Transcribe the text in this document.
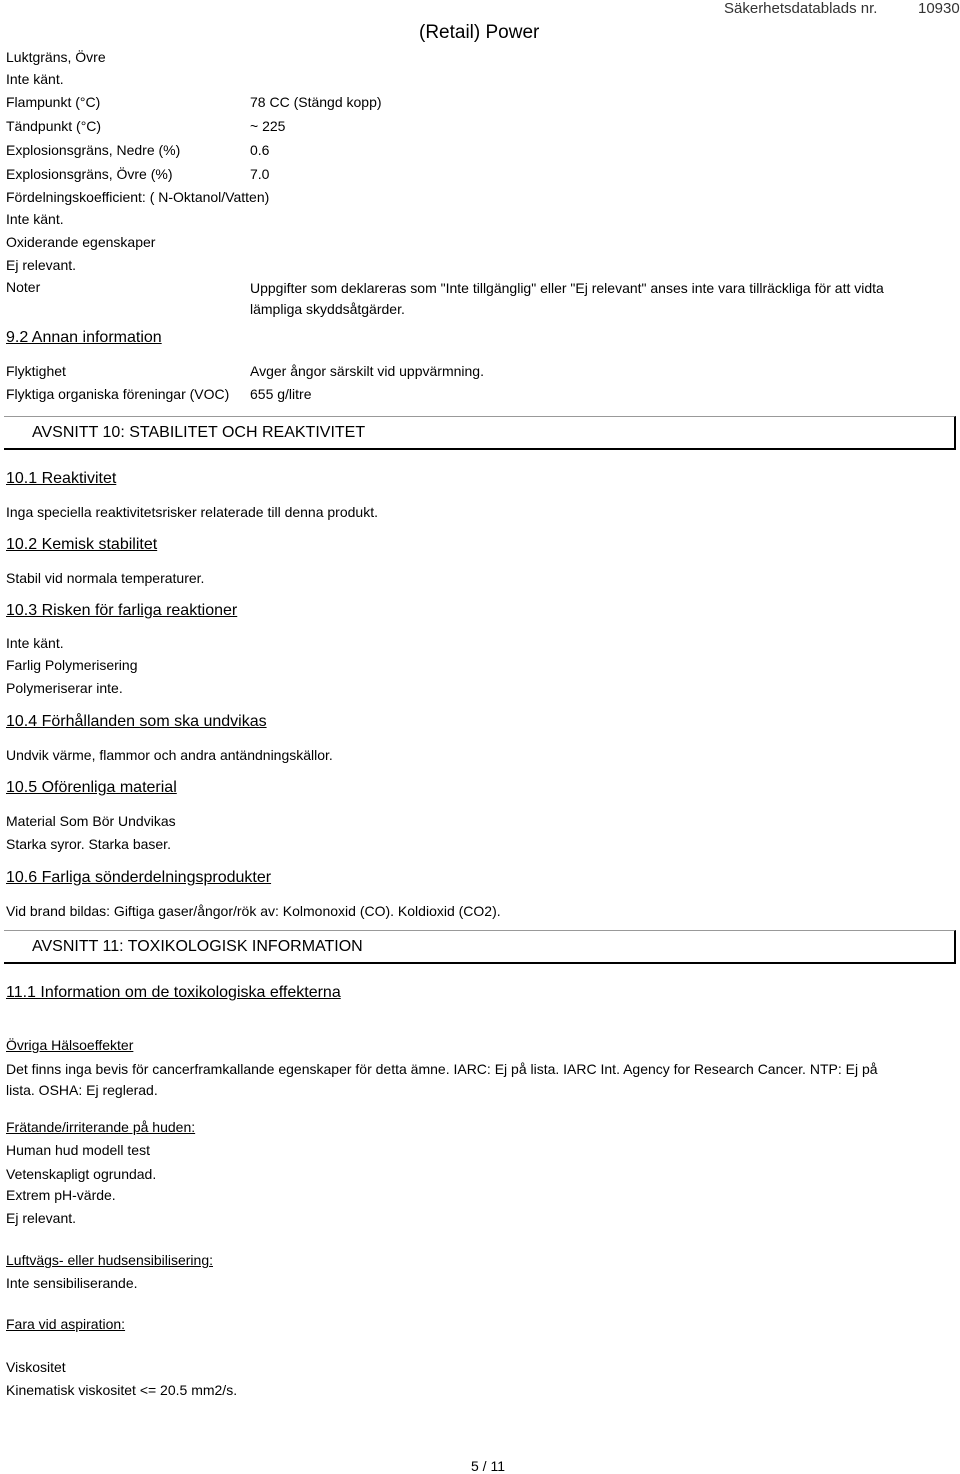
(Retail) Power
Säkerhetsdatablads nr.	10930
Luktgräns, Övre
Inte känt.
Flampunkt (°C)	78 CC (Stängd kopp)
Tändpunkt (°C)	~ 225
Explosionsgräns, Nedre (%)	0.6
Explosionsgräns, Övre (%)	7.0
Fördelningskoefficient: ( N-Oktanol/Vatten)
Inte känt.
Oxiderande egenskaper
Ej relevant.
Noter	Uppgifter som deklareras som "Inte tillgänglig" eller "Ej relevant" anses inte vara tillräckliga för att vidta lämpliga skyddsåtgärder.
9.2 Annan information
Flyktighet	Avger ångor särskilt vid uppvärmning.
Flyktiga organiska föreningar (VOC) 655 g/litre
AVSNITT 10: STABILITET OCH REAKTIVITET
10.1 Reaktivitet
Inga speciella reaktivitetsrisker relaterade till denna produkt.
10.2 Kemisk stabilitet
Stabil vid normala temperaturer.
10.3 Risken för farliga reaktioner
Inte känt.
Farlig Polymerisering
Polymeriserar inte.
10.4 Förhållanden som ska undvikas
Undvik värme, flammor och andra antändningskällor.
10.5 Oförenliga material
Material Som Bör Undvikas
Starka syror. Starka baser.
10.6 Farliga sönderdelningsprodukter
Vid brand bildas: Giftiga gaser/ångor/rök av: Kolmonoxid (CO). Koldioxid (CO2).
AVSNITT 11: TOXIKOLOGISK INFORMATION
11.1 Information om de toxikologiska effekterna
Övriga Hälsoeffekter
Det finns inga bevis för cancerframkallande egenskaper för detta ämne. IARC: Ej på lista. IARC Int. Agency for Research Cancer. NTP: Ej på lista. OSHA: Ej reglerad.
Frätande/irriterande på huden:
Human hud modell test
Vetenskapligt ogrundad.
Extrem pH-värde.
Ej relevant.
Luftvägs- eller hudsensibilisering:
Inte sensibiliserande.
Fara vid aspiration:
Viskositet
Kinematisk viskositet <= 20.5 mm2/s.
5 / 11
